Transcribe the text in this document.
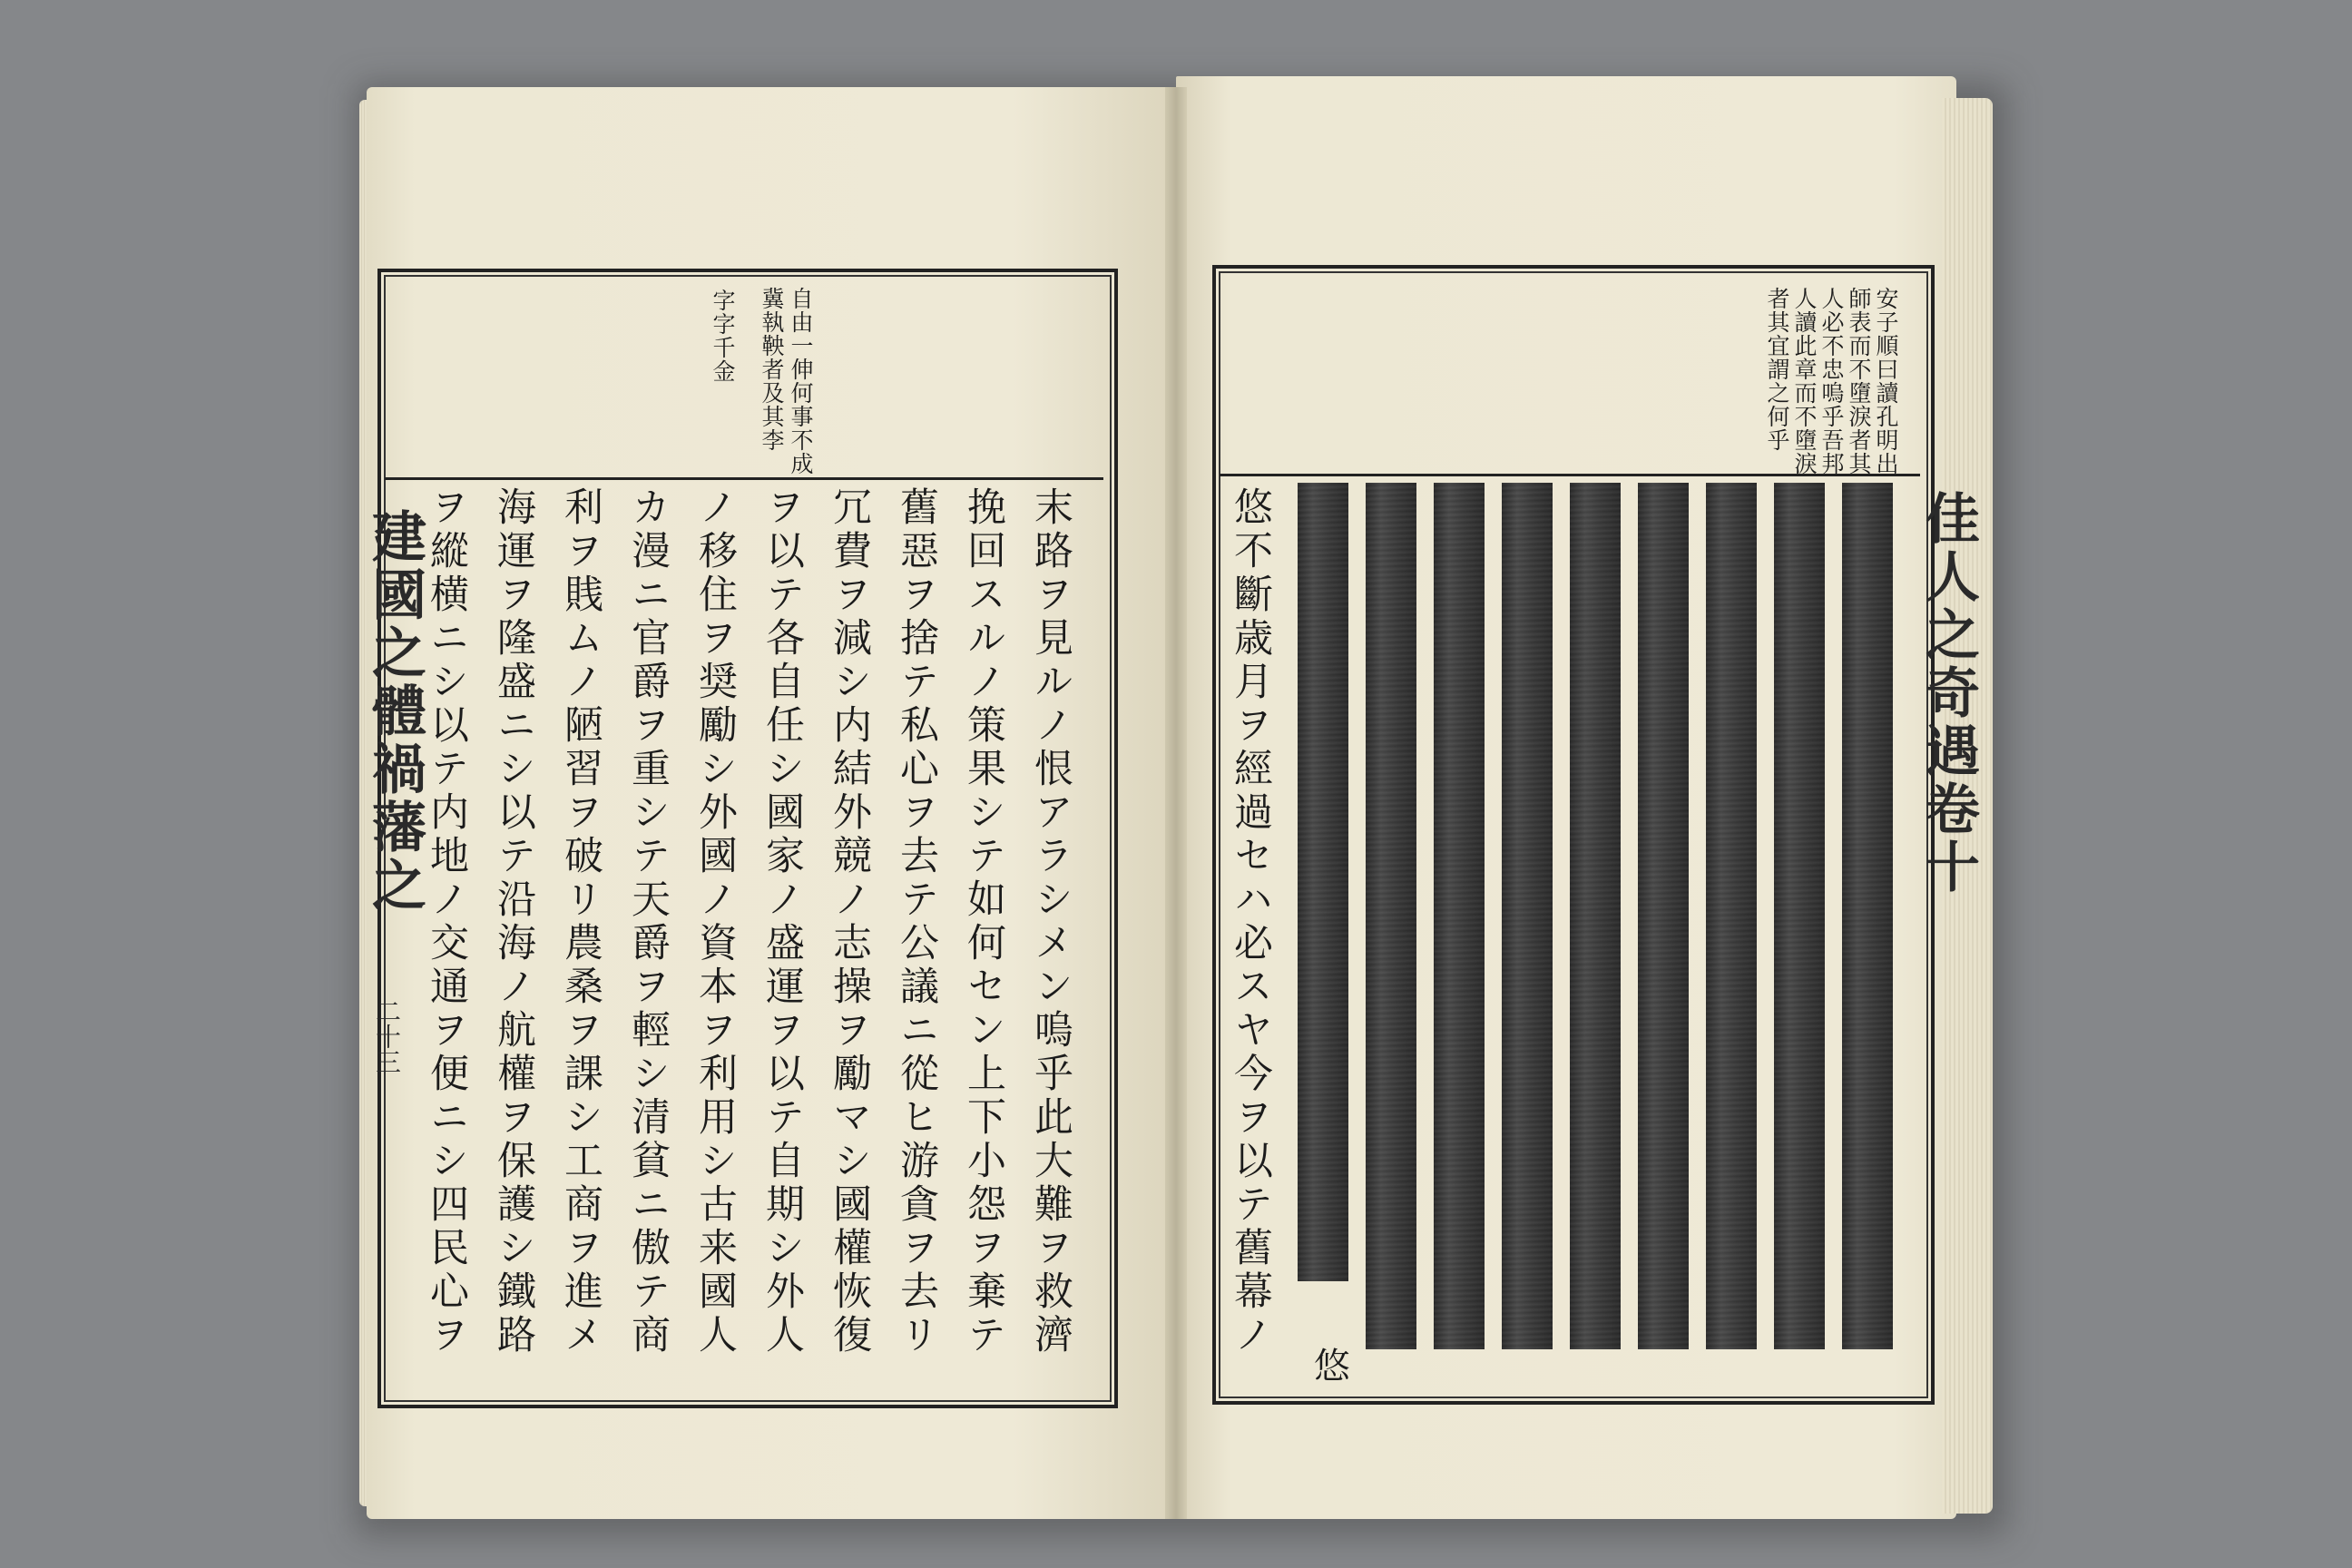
建國之體禍藩之
二十三
自由一伸何事不成
冀執鞅者及其李
字字千金
末路ヲ見ルノ恨アラシメン嗚乎此大難ヲ救濟
挽回スルノ策果シテ如何セン上下小怨ヲ棄テ
舊惡ヲ捨テ私心ヲ去テ公議ニ從ヒ游貪ヲ去リ
冗費ヲ減シ内結外競ノ志操ヲ勵マシ國權恢復
ヲ以テ各自任シ國家ノ盛運ヲ以テ自期シ外人
ノ移住ヲ奨勵シ外國ノ資本ヲ利用シ古来國人
カ漫ニ官爵ヲ重シテ天爵ヲ輕シ清貧ニ傲テ商
利ヲ賎ムノ陋習ヲ破リ農桑ヲ課シ工商ヲ進メ
海運ヲ隆盛ニシ以テ沿海ノ航權ヲ保護シ鐵路
ヲ縱横ニシ以テ内地ノ交通ヲ便ニシ四民心ヲ	佳人之奇遇卷十
安子順曰讀孔明出
師表而不墮淚者其
人必不忠嗚乎吾邦
人讀此章而不墮淚
者其宜謂之何乎
悠不斷歳月ヲ經過セハ必スヤ今ヲ以テ舊幕ノ
悠
